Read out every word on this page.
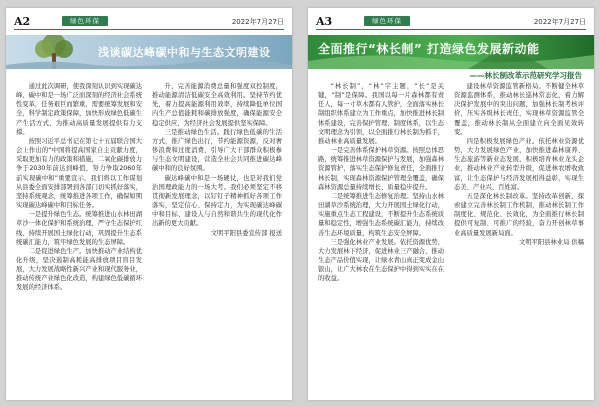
A2	绿色环保	2022年7月27日
浅谈碳达峰碳中和与生态文明建设

通过此次调研，使我深刻认识到实现碳达峰、碳中和是一场广泛而深刻的经济社会系统性变革，任务艰巨而繁重，需要统筹发展和安全，科学制定政策保障，加快形成绿色低碳生产生活方式，为推动高质量发展提供有力支撑。

按照习近平总书记在第七十五届联合国大会上作出的“中国将提高国家自主贡献力度，采取更加有力的政策和措施，二氧化碳排放力争于2030年前达到峰值，努力争取2060年前实现碳中和”重要宣示，我们将以工作谋划从县委全面安排部署到各部门切实抓好落实，坚持系统观念，统筹推进各项工作，确保如期实现碳达峰碳中和目标任务。

一是提升绿色生态。统筹推进山水林田湖草沙一体化保护和系统治理，严守生态保护红线，持续开展国土绿化行动，巩固提升生态系统碳汇能力，筑牢绿色发展的生态屏障。

二是促进绿色生产。加快推动产业结构优化升级，坚决遏制高耗能高排放项目盲目发展，大力发展战略性新兴产业和现代服务业，推动传统产业绿色化改造，构建绿色低碳循环发展的经济体系。

升，完善能源消费总量和强度双控制度，推动能源清洁低碳安全高效利用。坚持节约优先，着力提高能源利用效率，持续降低单位国内生产总值能耗和碳排放强度，确保能源安全稳定供应，为经济社会发展提供坚实保障。

三是推动绿色生活。践行绿色低碳的生活方式，推广绿色出行，节约能源资源，反对奢侈浪费和过度消费，引导广大干部群众积极参与生态文明建设，营造全社会共同推进碳达峰碳中和的良好氛围。

碳达峰碳中和是一场硬仗，也是对我们党治国理政能力的一场大考。我们必须坚定不移贯彻新发展理念，以钉钉子精神抓好各项工作落实，坚定信心、保持定力，为实现碳达峰碳中和目标、建设人与自然和谐共生的现代化作出新的更大贡献。

文明平阳县委宣传部 报送

A3	绿色环保	2022年7月27日
全面推行“林长制” 打造绿色发展新动能
——林长制改革示范研究学习报告

“林长制”，“林”字主题，“长”是关键，“制”是保障。我国以每一片森林都有责任人，每一寸草木都有人管护，全面落实林长制组织体系建立为工作重点，加快推进林长制体系建设，完善保护管理、制度体系，以生态文明理念为引领，以全面推行林长制为抓手，推动林业高质量发展。

一是完善体系保护林草资源。按照总体思路，统筹推进林草资源保护与发展，加强森林资源管护，落实生态保护修复责任，全面推行林长制，实现森林资源保护管理全覆盖，确保森林资源总量持续增长、质量稳步提升。

二是统筹推进生态修复治理。坚持山水林田湖草沙系统治理，大力开展国土绿化行动，实施重点生态工程建设，不断提升生态系统质量和稳定性，增强生态系统碳汇能力，持续改善生态环境质量，构筑生态安全屏障。

三是强化林业产业发展。依托资源优势，大力发展林下经济，促进林业三产融合，推动生态产品价值实现，让绿水青山真正变成金山银山，让广大林农在生态保护中得到实实在在的收益。

建设林草资源监管新格局。不断健全林草资源监测体系，推动林长巡林常态化，着力解决保护发展中的突出问题，加强林长制考核评价，压实各级林长责任，实现林草资源监管全覆盖，推动林长制从全面建立向全面见效转变。

四是积极发展绿色产业。依托林业资源优势，大力发展绿色产业，加快推进森林康养、生态旅游等新业态发展，积极培育林业龙头企业，推动林业产业转型升级，促进林农增收致富，让生态保护与经济发展相得益彰，实现生态美、产业兴、百姓富。

五是深化林长制改革。坚持改革创新，探索建立完善林长制工作机制，推动林长制工作制度化、规范化、长效化，为全面推行林长制提供可复制、可推广的经验，奋力开创林草事业高质量发展新局面。

文明平阳县林业局 供稿
